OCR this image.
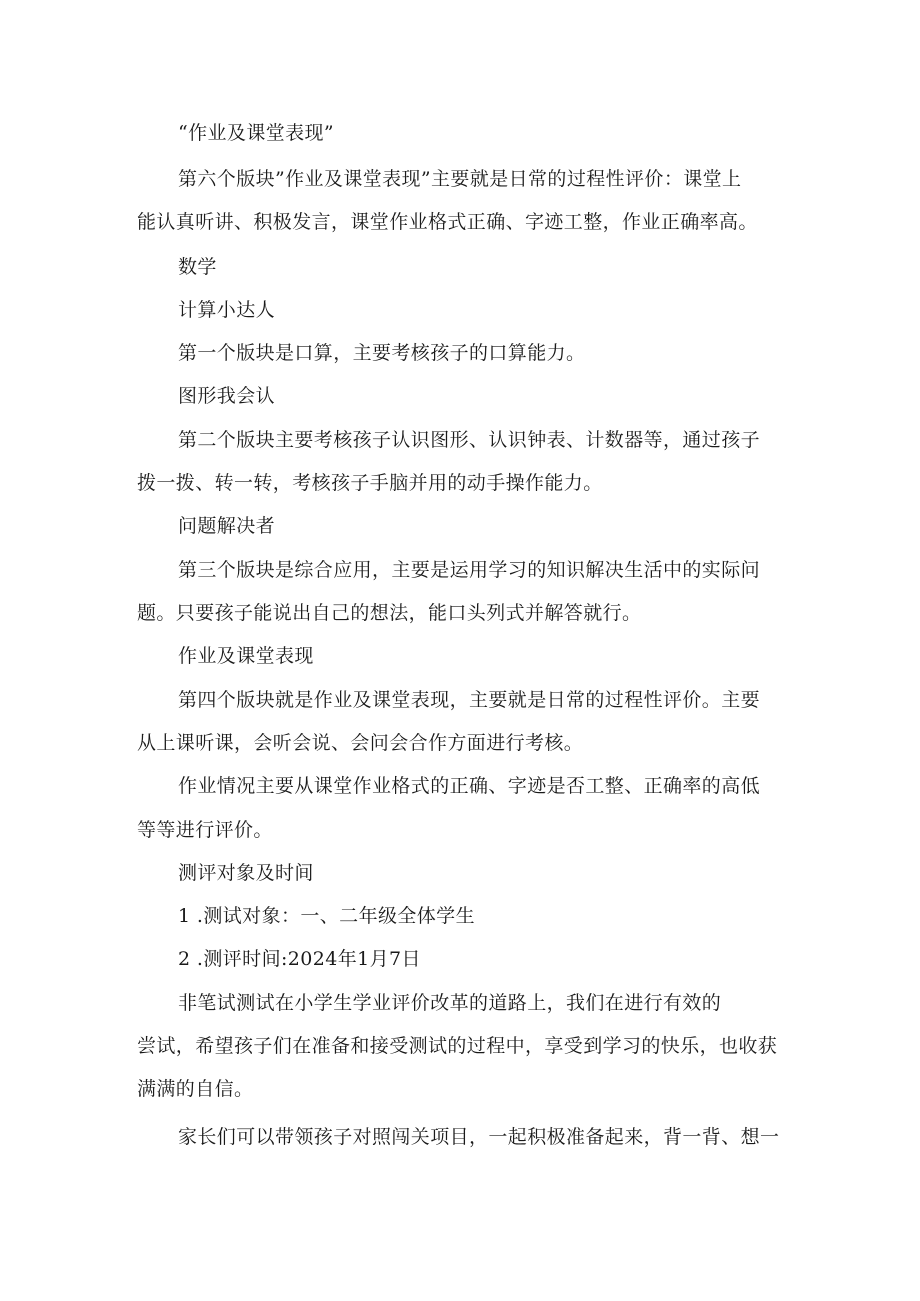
“作业及课堂表现”
第六个版块”作业及课堂表现”主要就是日常的过程性评价：课堂上
能认真听讲、积极发言，课堂作业格式正确、字迹工整，作业正确率高。
数学
计算小达人
第一个版块是口算，主要考核孩子的口算能力。
图形我会认
第二个版块主要考核孩子认识图形、认识钟表、计数器等，通过孩子
拨一拨、转一转，考核孩子手脑并用的动手操作能力。
问题解决者
第三个版块是综合应用，主要是运用学习的知识解决生活中的实际问
题。只要孩子能说出自己的想法，能口头列式并解答就行。
作业及课堂表现
第四个版块就是作业及课堂表现，主要就是日常的过程性评价。主要
从上课听课，会听会说、会问会合作方面进行考核。
作业情况主要从课堂作业格式的正确、字迹是否工整、正确率的高低
等等进行评价。
测评对象及时间
1 .测试对象：一、二年级全体学生
2 .测评时间:2024年1月7日
非笔试测试在小学生学业评价改革的道路上，我们在进行有效的
尝试，希望孩子们在准备和接受测试的过程中，享受到学习的快乐，也收获
满满的自信。
家长们可以带领孩子对照闯关项目，一起积极准备起来，背一背、想一
